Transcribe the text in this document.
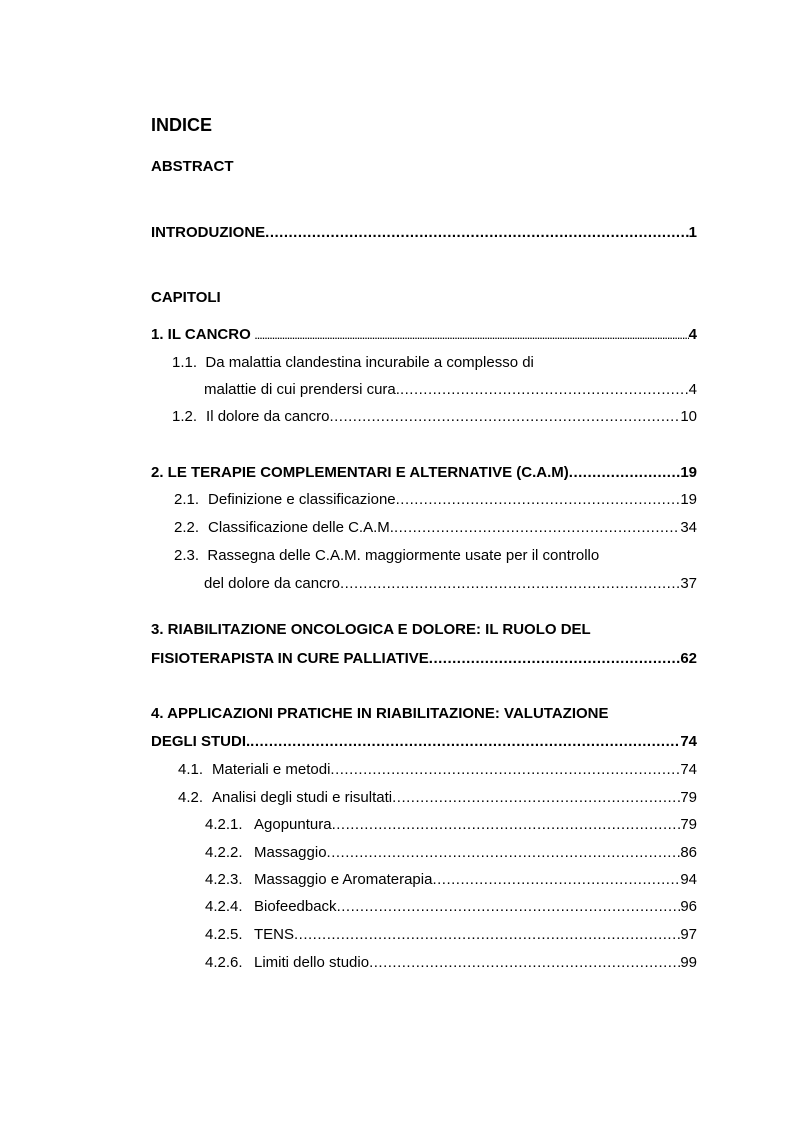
INDICE
ABSTRACT
INTRODUZIONE .....	1
CAPITOLI
1. IL CANCRO .....	4
1.1. Da malattia clandestina incurabile a complesso di
malattie di cui prendersi cura. .....	4
1.2. Il dolore da cancro .....	10
2. LE TERAPIE COMPLEMENTARI E ALTERNATIVE (C.A.M) .....	19
2.1. Definizione e classificazione .....	19
2.2. Classificazione delle C.A.M. .....	34
2.3. Rassegna delle C.A.M. maggiormente usate per il controllo
del dolore da cancro .....	37
3. RIABILITAZIONE ONCOLOGICA E DOLORE: IL RUOLO DEL
FISIOTERAPISTA IN CURE PALLIATIVE .....	62
4. APPLICAZIONI PRATICHE IN RIABILITAZIONE: VALUTAZIONE
DEGLI STUDI. .....	74
4.1. Materiali e metodi .....	74
4.2. Analisi degli studi e risultati .....	79
4.2.1. Agopuntura .....	79
4.2.2. Massaggio .....	86
4.2.3. Massaggio e Aromaterapia .....	94
4.2.4. Biofeedback .....	96
4.2.5. TENS .....	97
4.2.6. Limiti dello studio .....	99
